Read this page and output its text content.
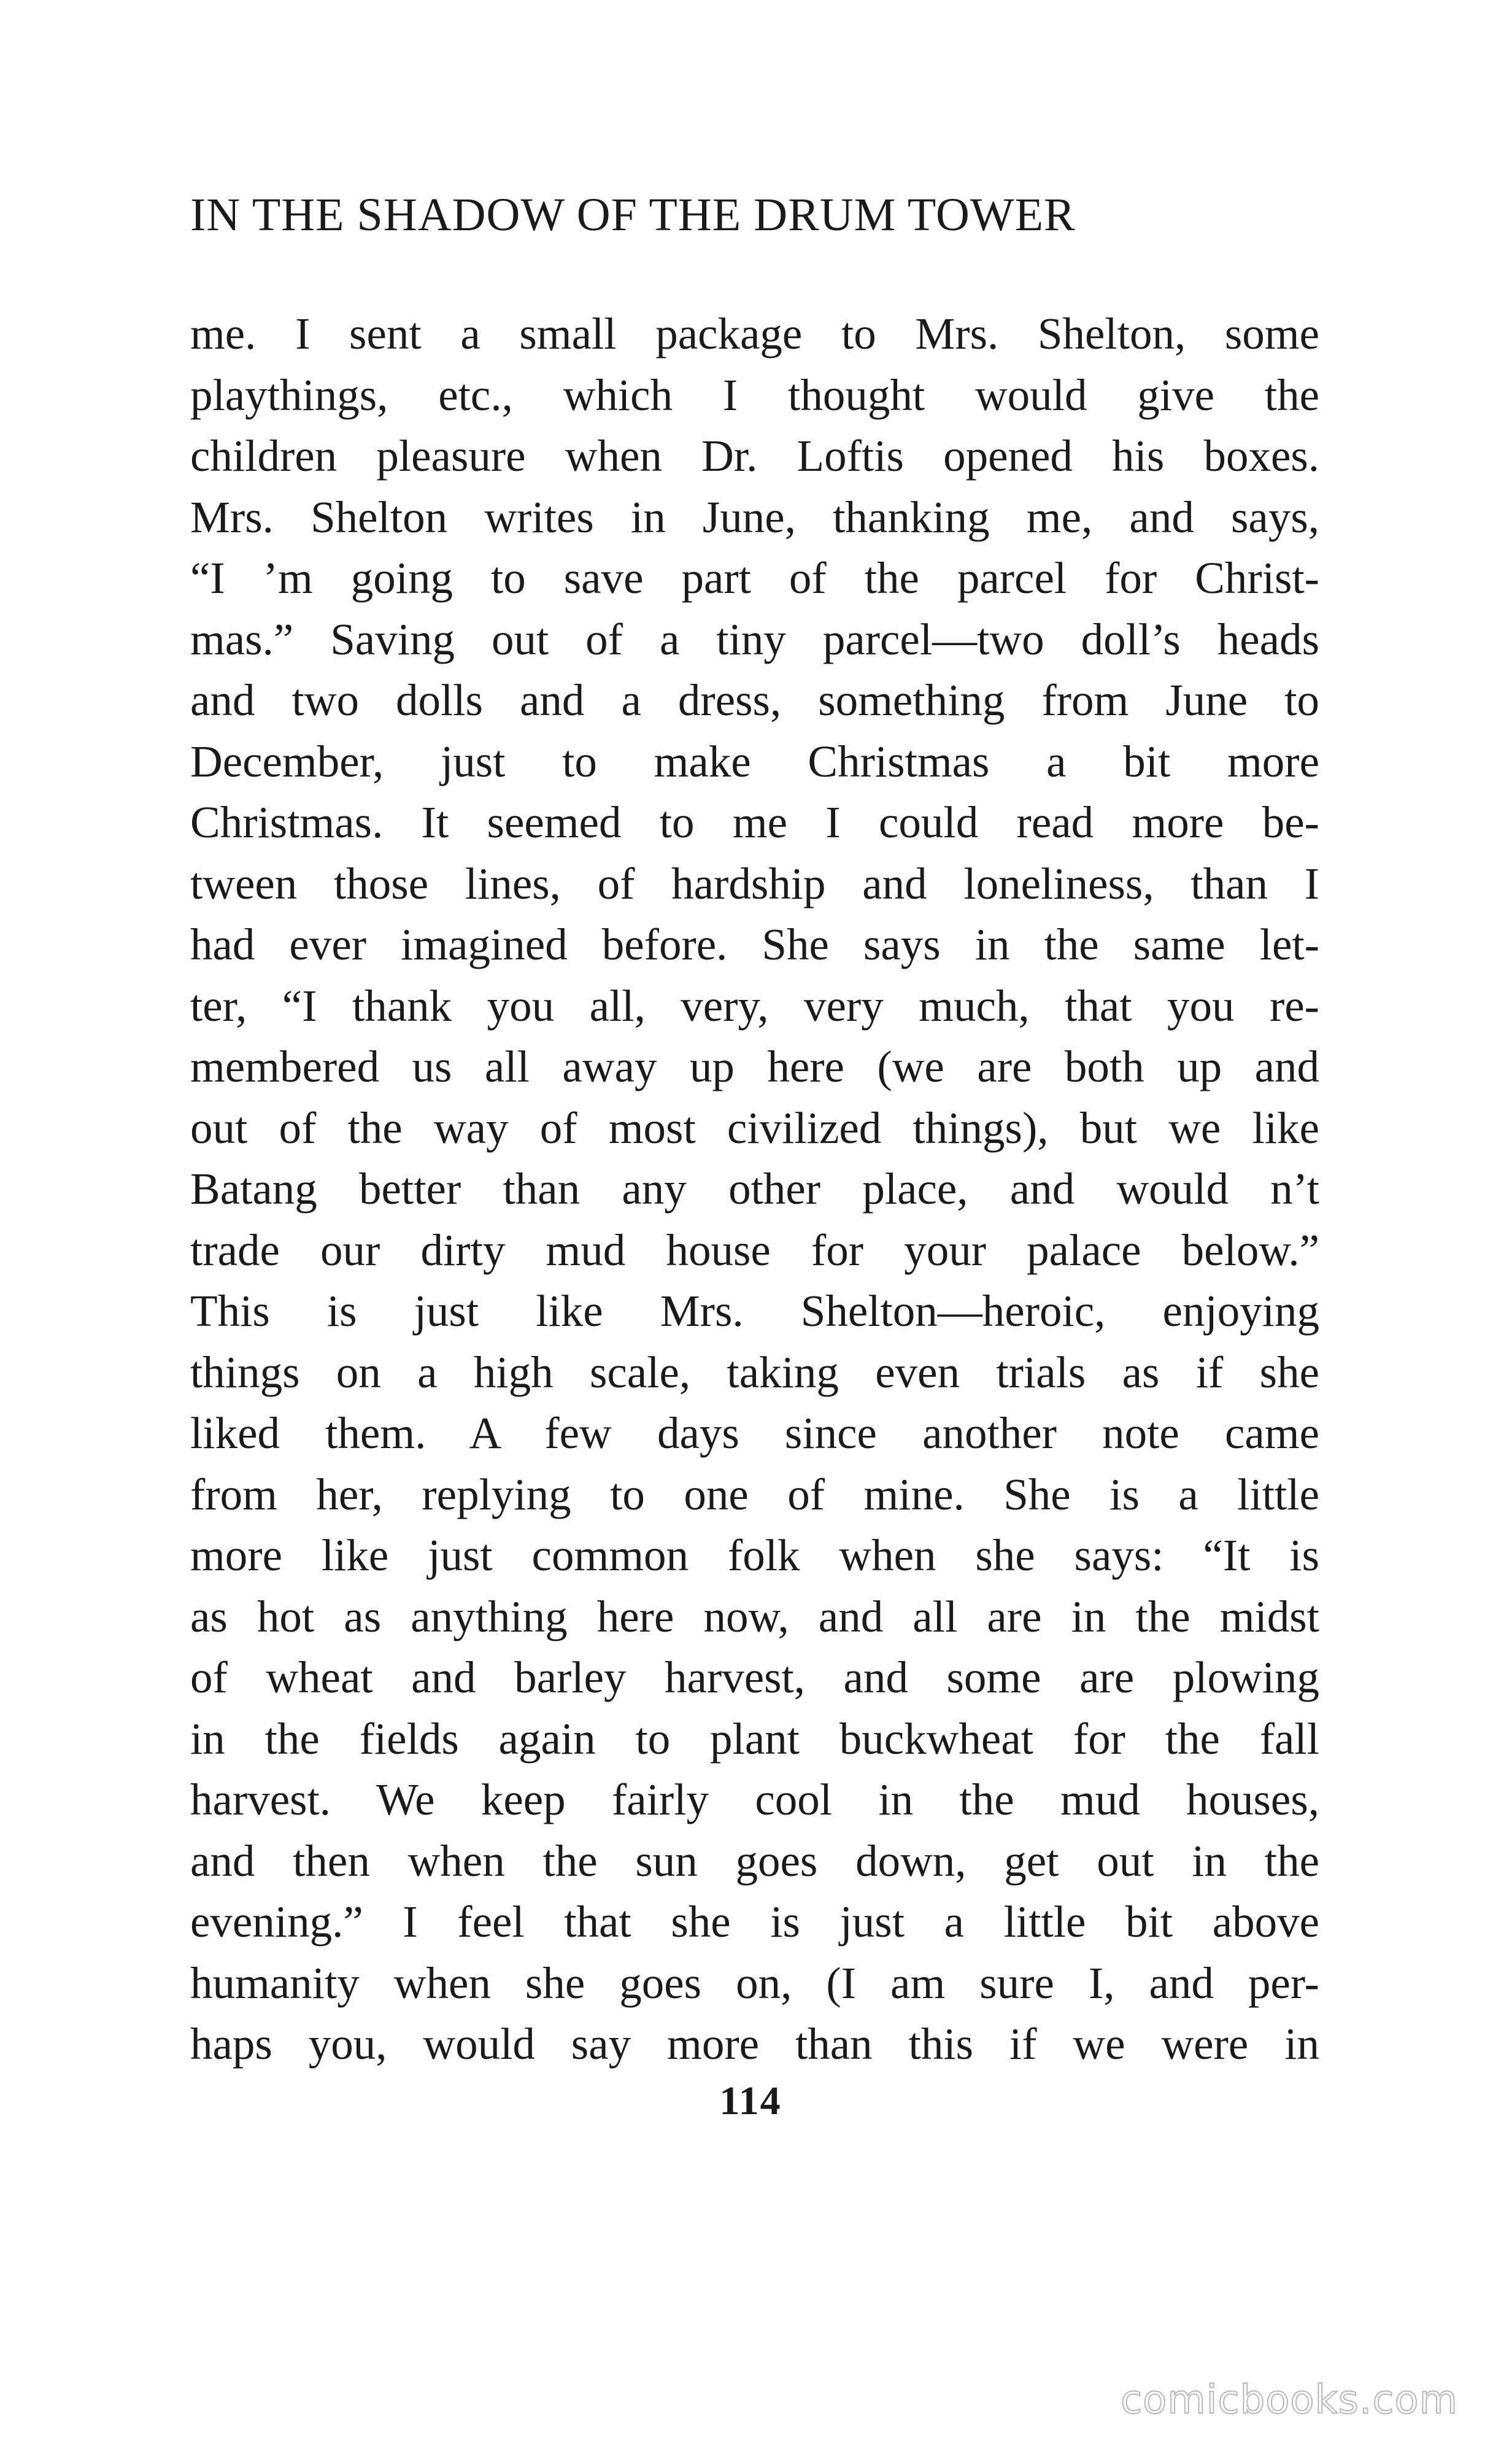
IN THE SHADOW OF THE DRUM TOWER
me. I sent a small package to Mrs. Shelton, some
playthings, etc., which I thought would give the
children pleasure when Dr. Loftis opened his boxes.
Mrs. Shelton writes in June, thanking me, and says,
“I ’m going to save part of the parcel for Christ-
mas.” Saving out of a tiny parcel—two doll’s heads
and two dolls and a dress, something from June to
December, just to make Christmas a bit more
Christmas. It seemed to me I could read more be-
tween those lines, of hardship and loneliness, than I
had ever imagined before. She says in the same let-
ter, “I thank you all, very, very much, that you re-
membered us all away up here (we are both up and
out of the way of most civilized things), but we like
Batang better than any other place, and would n’t
trade our dirty mud house for your palace below.”
This is just like Mrs. Shelton—heroic, enjoying
things on a high scale, taking even trials as if she
liked them. A few days since another note came
from her, replying to one of mine. She is a little
more like just common folk when she says: “It is
as hot as anything here now, and all are in the midst
of wheat and barley harvest, and some are plowing
in the fields again to plant buckwheat for the fall
harvest. We keep fairly cool in the mud houses,
and then when the sun goes down, get out in the
evening.” I feel that she is just a little bit above
humanity when she goes on, (I am sure I, and per-
haps you, would say more than this if we were in
114
comicbooks.com
